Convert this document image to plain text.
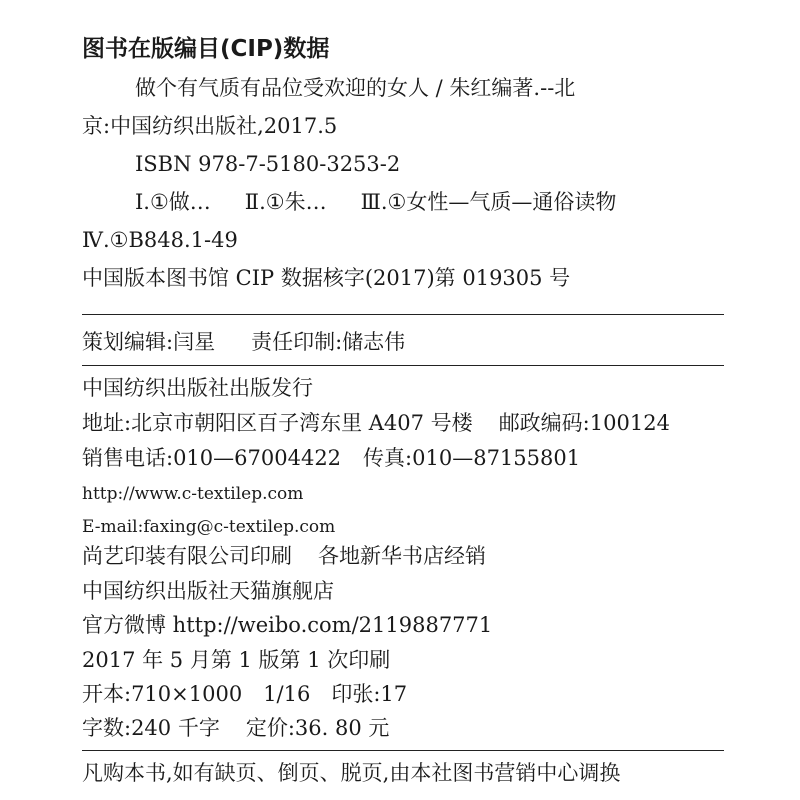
图书在版编目(CIP)数据
做个有气质有品位受欢迎的女人 / 朱红编著.--北
京:中国纺织出版社,2017.5
ISBN 978-7-5180-3253-2
Ⅰ.①做… Ⅱ.①朱… Ⅲ.①女性—气质—通俗读物
Ⅳ.①B848.1-49
中国版本图书馆 CIP 数据核字(2017)第 019305 号
策划编辑:闫星 责任印制:储志伟
中国纺织出版社出版发行
地址:北京市朝阳区百子湾东里 A407 号楼 邮政编码:100124
销售电话:010—67004422 传真:010—87155801
http://www.c-textilep.com
E-mail:faxing@c-textilep.com
尚艺印装有限公司印刷 各地新华书店经销
中国纺织出版社天猫旗舰店
官方微博 http://weibo.com/2119887771
2017 年 5 月第 1 版第 1 次印刷
开本:710×1000　1/16　印张:17
字数:240 千字 定价:36. 80 元
凡购本书,如有缺页、倒页、脱页,由本社图书营销中心调换
